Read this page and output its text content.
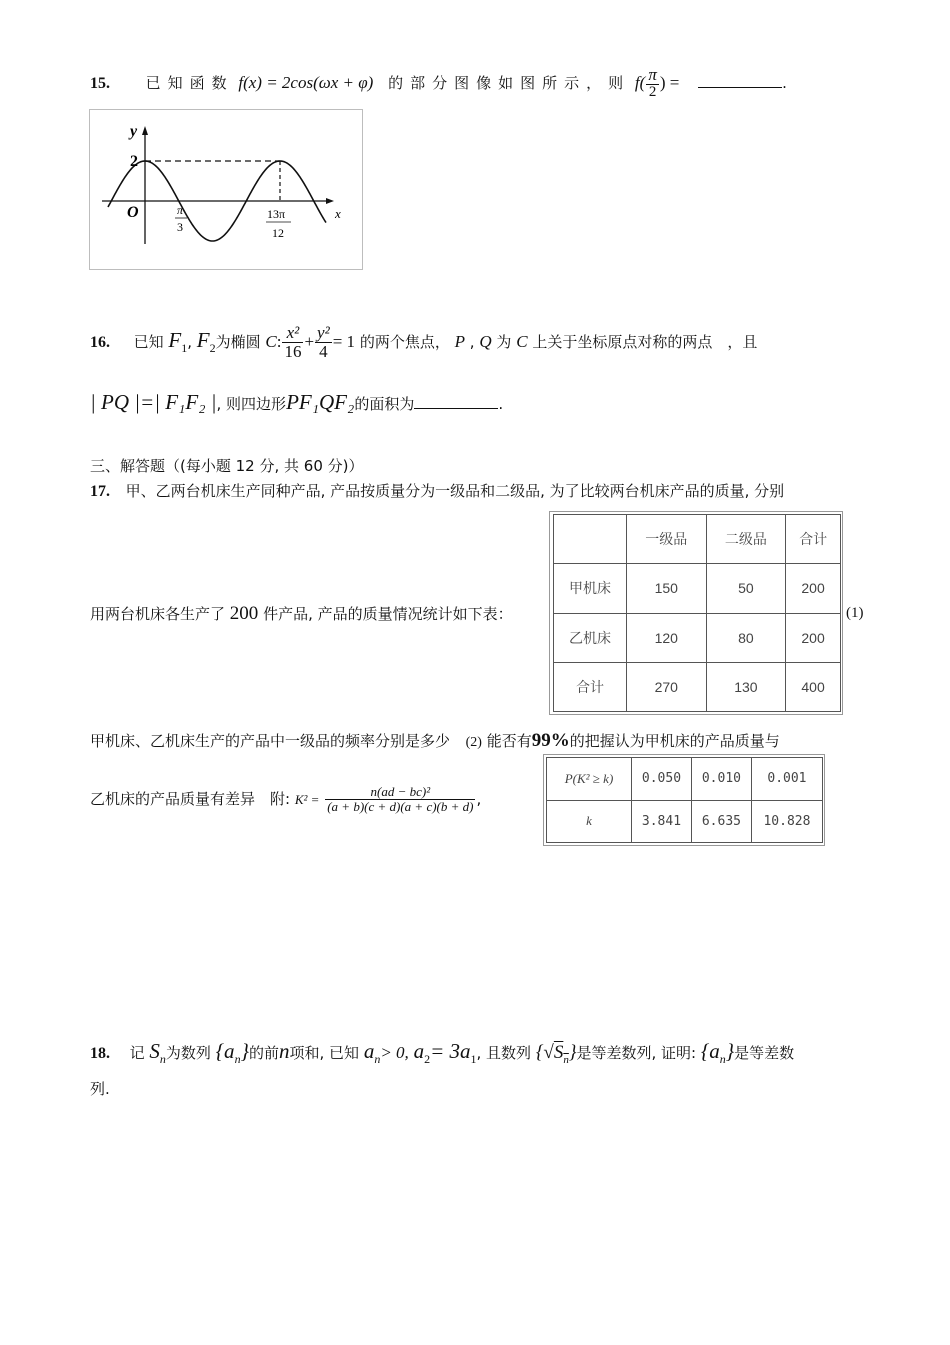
15. 已知函数 f(x) = 2cos(ωx + φ) 的部分图像如图所示，则 $f( \frac{\pi}{2}$ ) =	.
y
x
O
2
π
3
13π
12
16. 已知 $F_1$, $F_2$为椭圆 C: $\frac{\text{x²}}{16} + \frac{\text{y²}}{4} = 1$ 的两个焦点， P , Q 为 C 上关于坐标原点对称的两点　，且
| PQ |=| F₁F₂ |, 则四边形PF₁QF₂的面积为	.
三、解答题（(每小题 12 分, 共 60 分)）
17. 甲、乙两台机床生产同种产品, 产品按质量分为一级品和二级品, 为了比较两台机床产品的质量, 分别
用两台机床各生产了 200 件产品, 产品的质量情况统计如下表：
	一级品	二级品	合计
甲机床	150	50	200
乙机床	120	80	200
合计	270	130	400
(1)
甲机床、乙机床生产的产品中一级品的频率分别是多少 (2) 能否有99%的把握认为甲机床的产品质量与
乙机床的产品质量有差异　附: $K^2 = \frac{\text{n(ad − bc)²}}{(a + b)(c + d)(a + c)(b + d)}$ ,
P(K² ≥ k)	0.050	0.010	0.001
k	3.841	6.635	10.828
18. 记 $S_n$为数列 $\{a_n\}$的前n项和, 已知 $a_n> 0$, $a_2= 3a_1$, 且数列 $\{√S_n\}$是等差数列, 证明: $\{a_n\}$是等差数
列.
